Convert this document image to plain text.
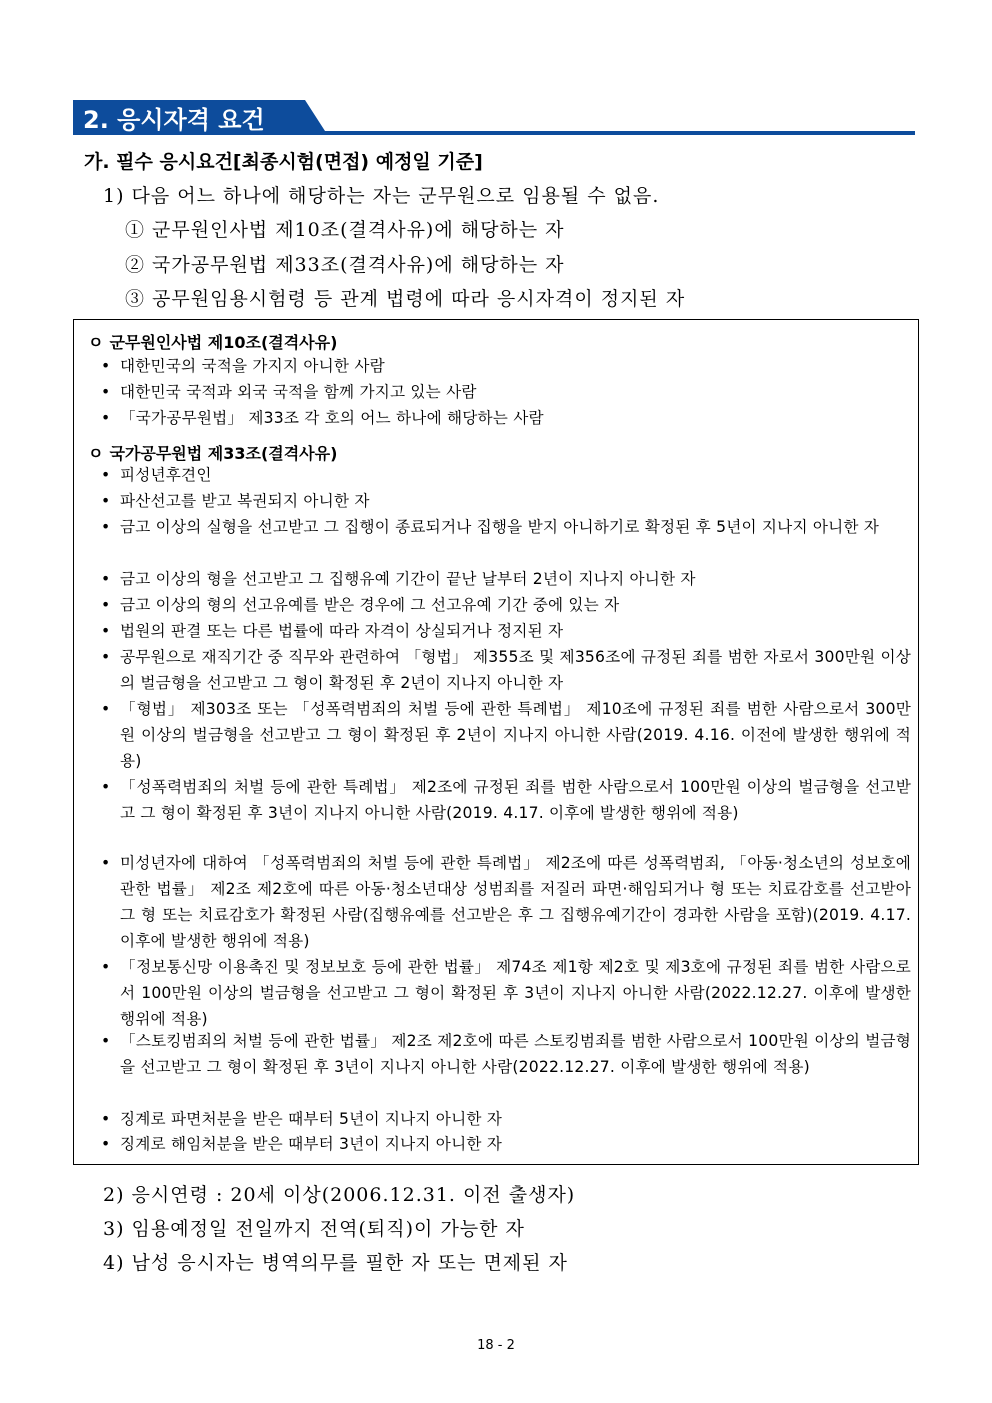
2. 응시자격 요건
가. 필수 응시요건[최종시험(면접) 예정일 기준]
1) 다음 어느 하나에 해당하는 자는 군무원으로 임용될 수 없음.
① 군무원인사법 제10조(결격사유)에 해당하는 자
② 국가공무원법 제33조(결격사유)에 해당하는 자
③ 공무원임용시험령 등 관계 법령에 따라 응시자격이 정지된 자
ㅇ 군무원인사법 제10조(결격사유)
• 대한민국의 국적을 가지지 아니한 사람
• 대한민국 국적과 외국 국적을 함께 가지고 있는 사람
• 「국가공무원법」 제33조 각 호의 어느 하나에 해당하는 사람
ㅇ 국가공무원법 제33조(결격사유)
• 피성년후견인
• 파산선고를 받고 복권되지 아니한 자
• 금고 이상의 실형을 선고받고 그 집행이 종료되거나 집행을 받지 아니하기로 확정된 후 5년이 지나지 아니한 자
• 금고 이상의 형을 선고받고 그 집행유예 기간이 끝난 날부터 2년이 지나지 아니한 자
• 금고 이상의 형의 선고유예를 받은 경우에 그 선고유예 기간 중에 있는 자
• 법원의 판결 또는 다른 법률에 따라 자격이 상실되거나 정지된 자
• 공무원으로 재직기간 중 직무와 관련하여 「형법」 제355조 및 제356조에 규정된 죄를 범한 자로서 300만원 이상의 벌금형을 선고받고 그 형이 확정된 후 2년이 지나지 아니한 자
• 「형법」 제303조 또는 「성폭력범죄의 처벌 등에 관한 특례법」 제10조에 규정된 죄를 범한 사람으로서 300만원 이상의 벌금형을 선고받고 그 형이 확정된 후 2년이 지나지 아니한 사람(2019. 4.16. 이전에 발생한 행위에 적용)
• 「성폭력범죄의 처벌 등에 관한 특례법」 제2조에 규정된 죄를 범한 사람으로서 100만원 이상의 벌금형을 선고받고 그 형이 확정된 후 3년이 지나지 아니한 사람(2019. 4.17. 이후에 발생한 행위에 적용)
• 미성년자에 대하여 「성폭력범죄의 처벌 등에 관한 특례법」 제2조에 따른 성폭력범죄, 「아동·청소년의 성보호에 관한 법률」 제2조 제2호에 따른 아동·청소년대상 성범죄를 저질러 파면·해임되거나 형 또는 치료감호를 선고받아 그 형 또는 치료감호가 확정된 사람(집행유예를 선고받은 후 그 집행유예기간이 경과한 사람을 포함)(2019. 4.17. 이후에 발생한 행위에 적용)
• 「정보통신망 이용촉진 및 정보보호 등에 관한 법률」 제74조 제1항 제2호 및 제3호에 규정된 죄를 범한 사람으로서 100만원 이상의 벌금형을 선고받고 그 형이 확정된 후 3년이 지나지 아니한 사람(2022.12.27. 이후에 발생한 행위에 적용)
• 「스토킹범죄의 처벌 등에 관한 법률」 제2조 제2호에 따른 스토킹범죄를 범한 사람으로서 100만원 이상의 벌금형을 선고받고 그 형이 확정된 후 3년이 지나지 아니한 사람(2022.12.27. 이후에 발생한 행위에 적용)
• 징계로 파면처분을 받은 때부터 5년이 지나지 아니한 자
• 징계로 해임처분을 받은 때부터 3년이 지나지 아니한 자
2) 응시연령 : 20세 이상(2006.12.31. 이전 출생자)
3) 임용예정일 전일까지 전역(퇴직)이 가능한 자
4) 남성 응시자는 병역의무를 필한 자 또는 면제된 자
18 - 2
